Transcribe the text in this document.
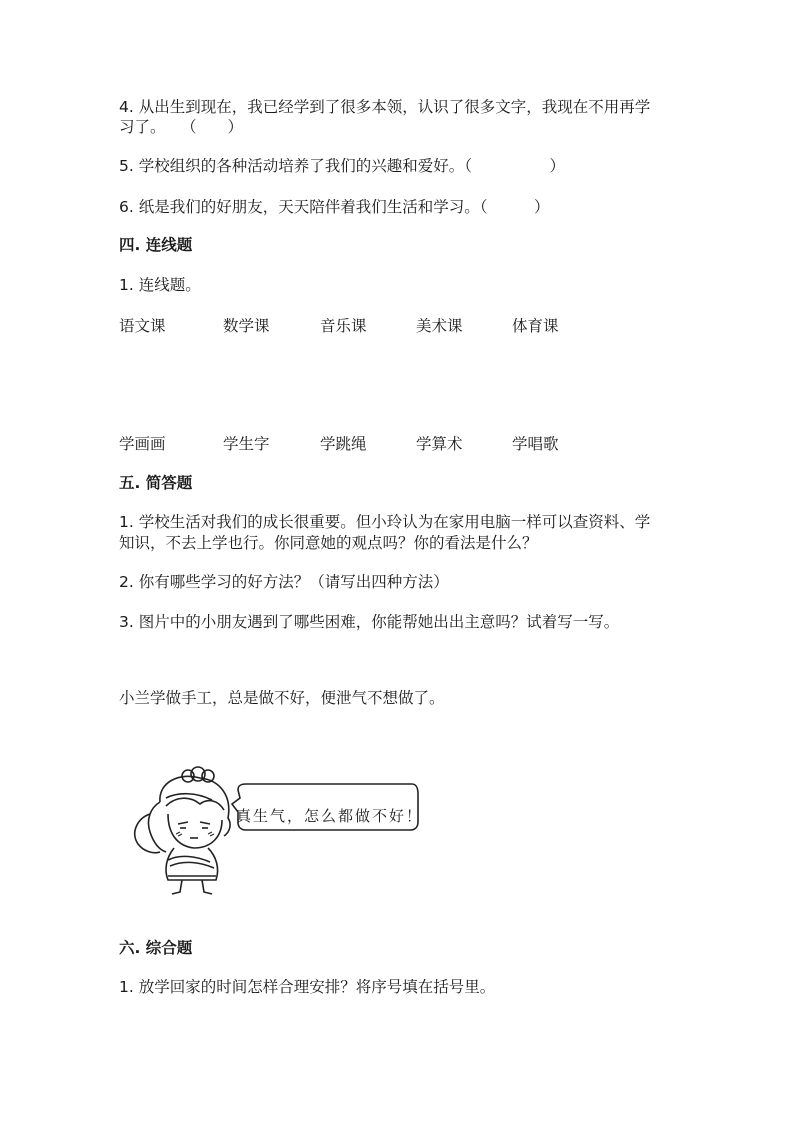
4. 从出生到现在，我已经学到了很多本领，认识了很多文字，我现在不用再学
习了。　　（　　）
5. 学校组织的各种活动培养了我们的兴趣和爱好。（　　　　　）
6. 纸是我们的好朋友，天天陪伴着我们生活和学习。（　　　）
四. 连线题
1. 连线题。
语文课	数学课	音乐课	美术课	体育课
学画画	学生字	学跳绳	学算术	学唱歌
五. 简答题
1. 学校生活对我们的成长很重要。但小玲认为在家用电脑一样可以查资料、学
知识，不去上学也行。你同意她的观点吗？你的看法是什么？
2. 你有哪些学习的好方法？（请写出四种方法）
3. 图片中的小朋友遇到了哪些困难，你能帮她出出主意吗？试着写一写。
小兰学做手工，总是做不好，便泄气不想做了。
真生气，怎么都做不好！
六. 综合题
1. 放学回家的时间怎样合理安排？将序号填在括号里。
